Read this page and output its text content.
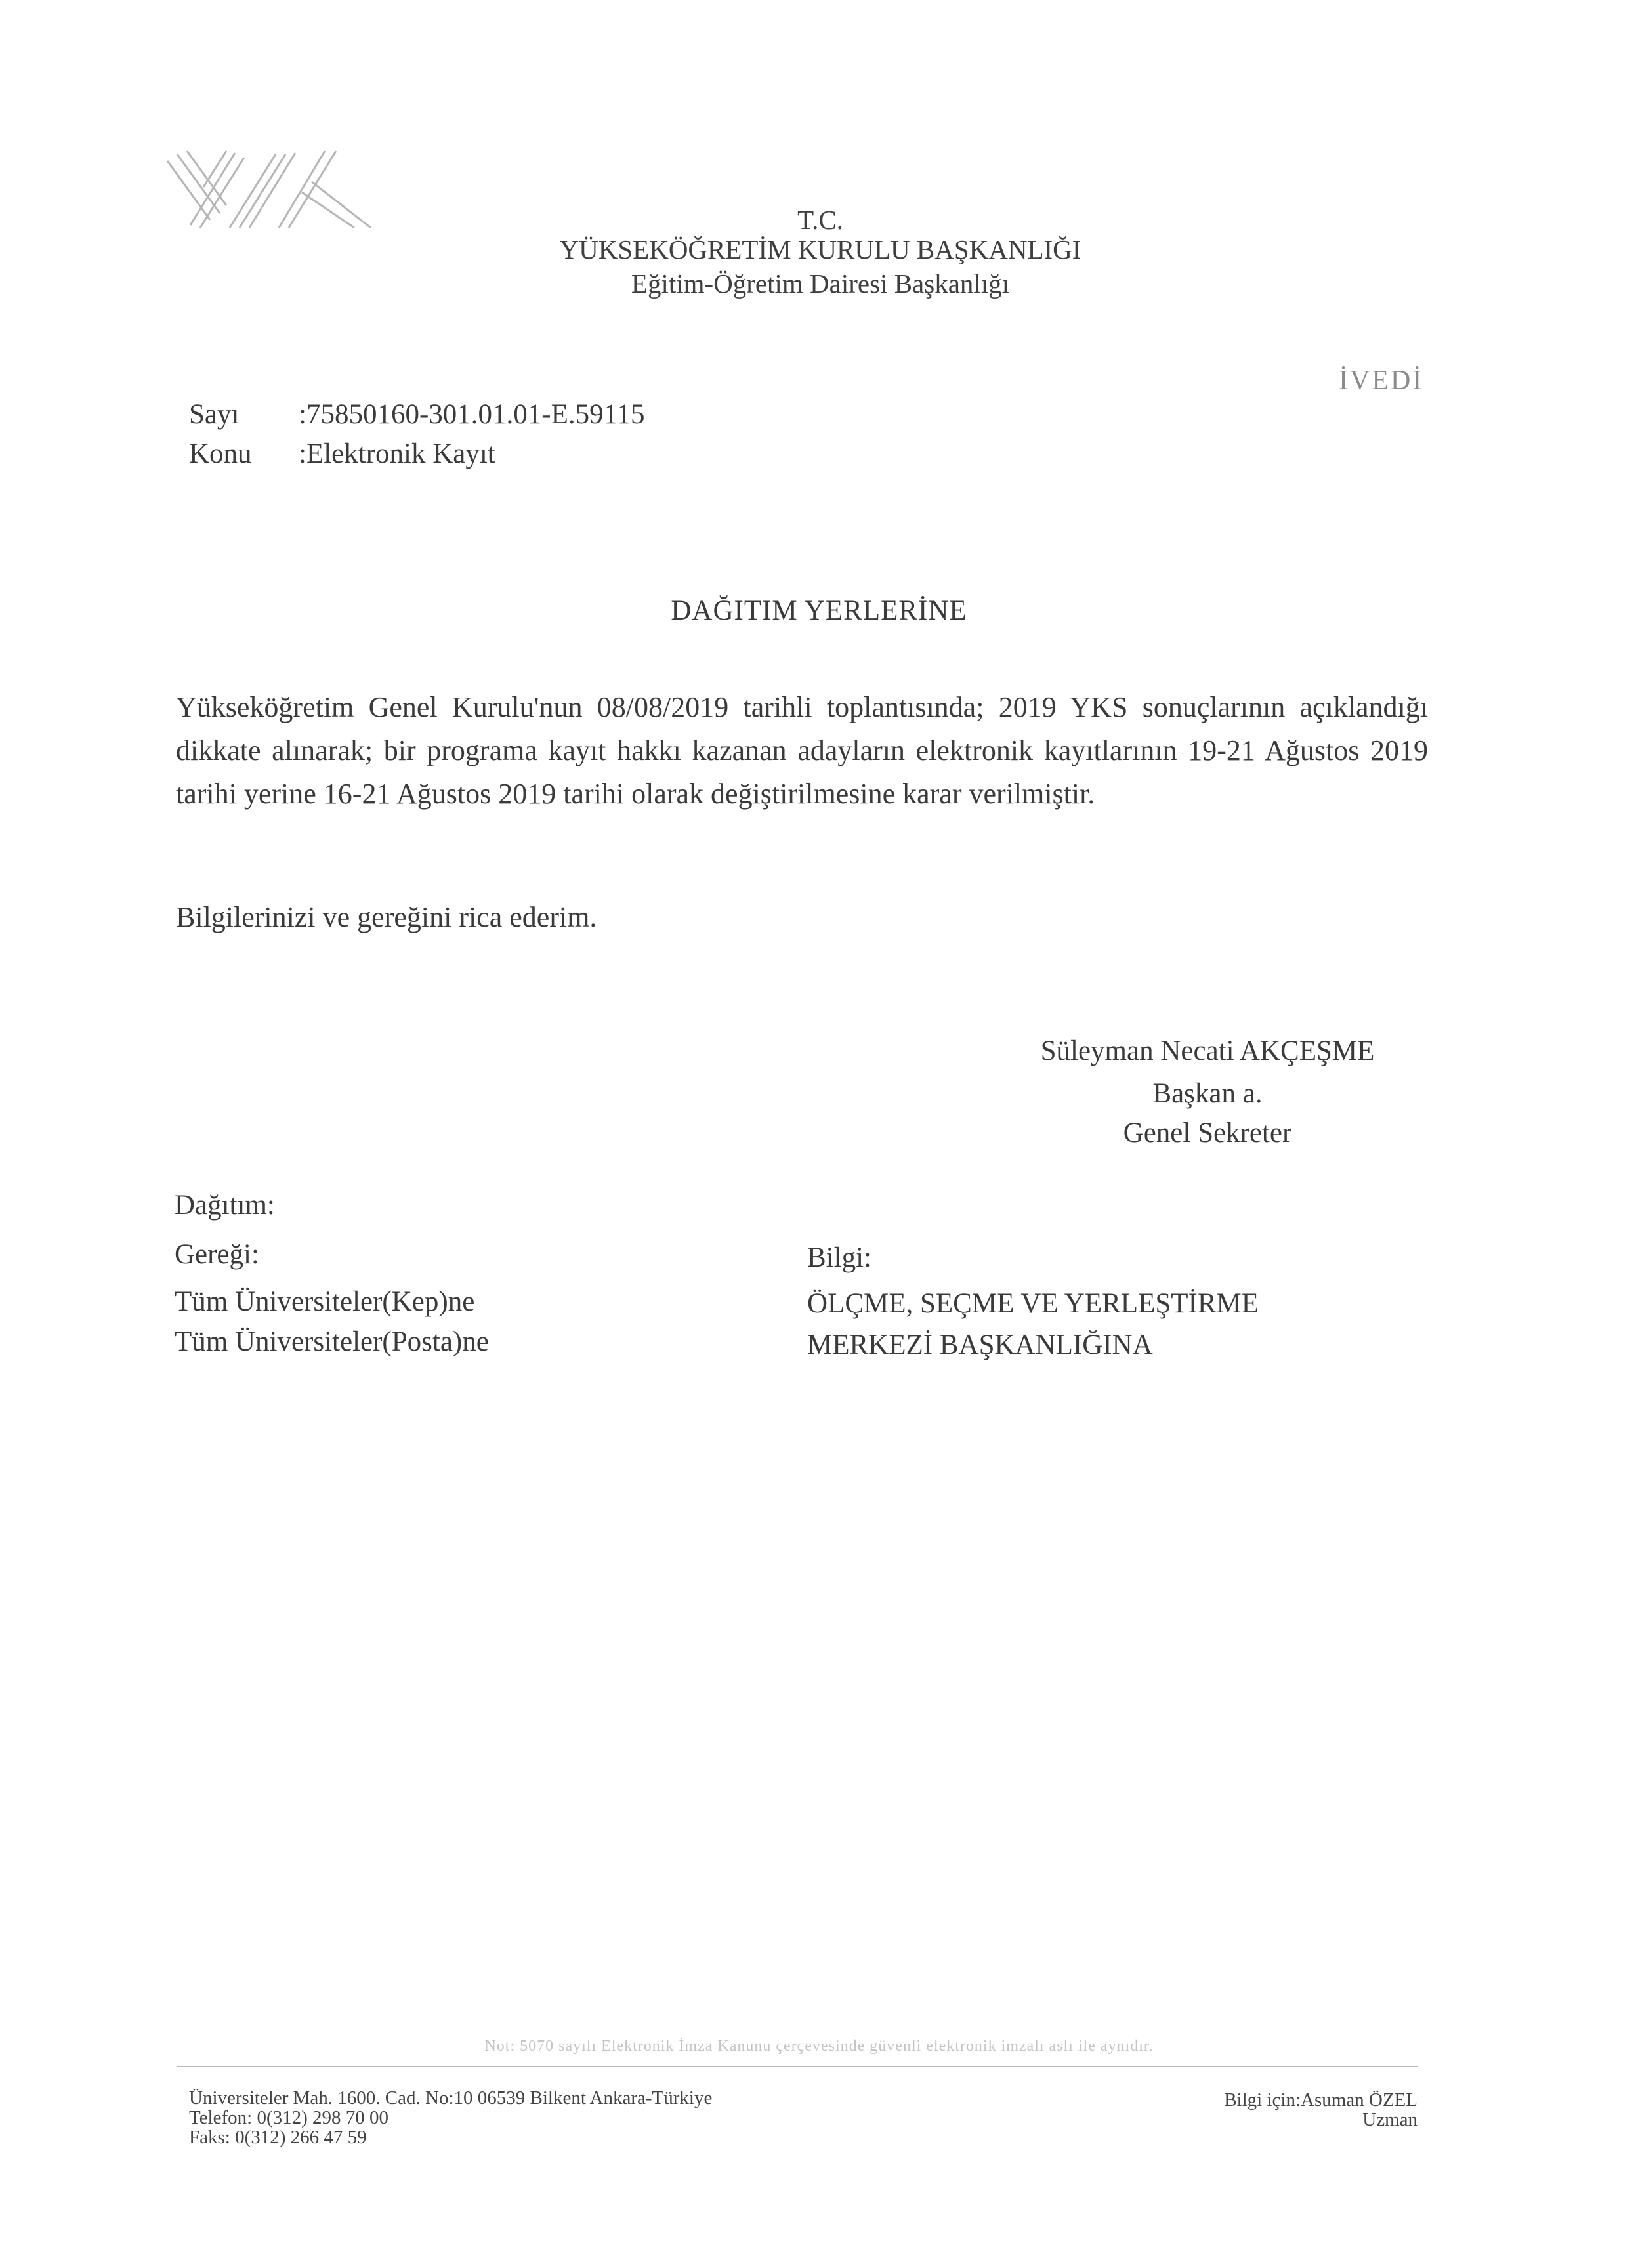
T.C.
YÜKSEKÖĞRETİM KURULU BAŞKANLIĞI
Eğitim-Öğretim Dairesi Başkanlığı
İVEDİ
Sayı :75850160-301.01.01-E.59115
Konu :Elektronik Kayıt
DAĞITIM YERLERİNE
Yükseköğretim Genel Kurulu'nun 08/08/2019 tarihli toplantısında; 2019 YKS sonuçlarının açıklandığı dikkate alınarak; bir programa kayıt hakkı kazanan adayların elektronik kayıtlarının 19-21 Ağustos 2019 tarihi yerine 16-21 Ağustos 2019 tarihi olarak değiştirilmesine karar verilmiştir.
Bilgilerinizi ve gereğini rica ederim.
Süleyman Necati AKÇEŞME
Başkan a.
Genel Sekreter
Dağıtım:
Gereği:
Tüm Üniversiteler(Kep)ne
Tüm Üniversiteler(Posta)ne
Bilgi:
ÖLÇME, SEÇME VE YERLEŞTİRME
MERKEZİ BAŞKANLIĞINA
Not: 5070 sayılı Elektronik İmza Kanunu çerçevesinde güvenli elektronik imzalı aslı ile aynıdır.
Üniversiteler Mah. 1600. Cad. No:10 06539 Bilkent Ankara-Türkiye
Telefon: 0(312) 298 70 00
Faks: 0(312) 266 47 59
Bilgi için:Asuman ÖZEL
Uzman
